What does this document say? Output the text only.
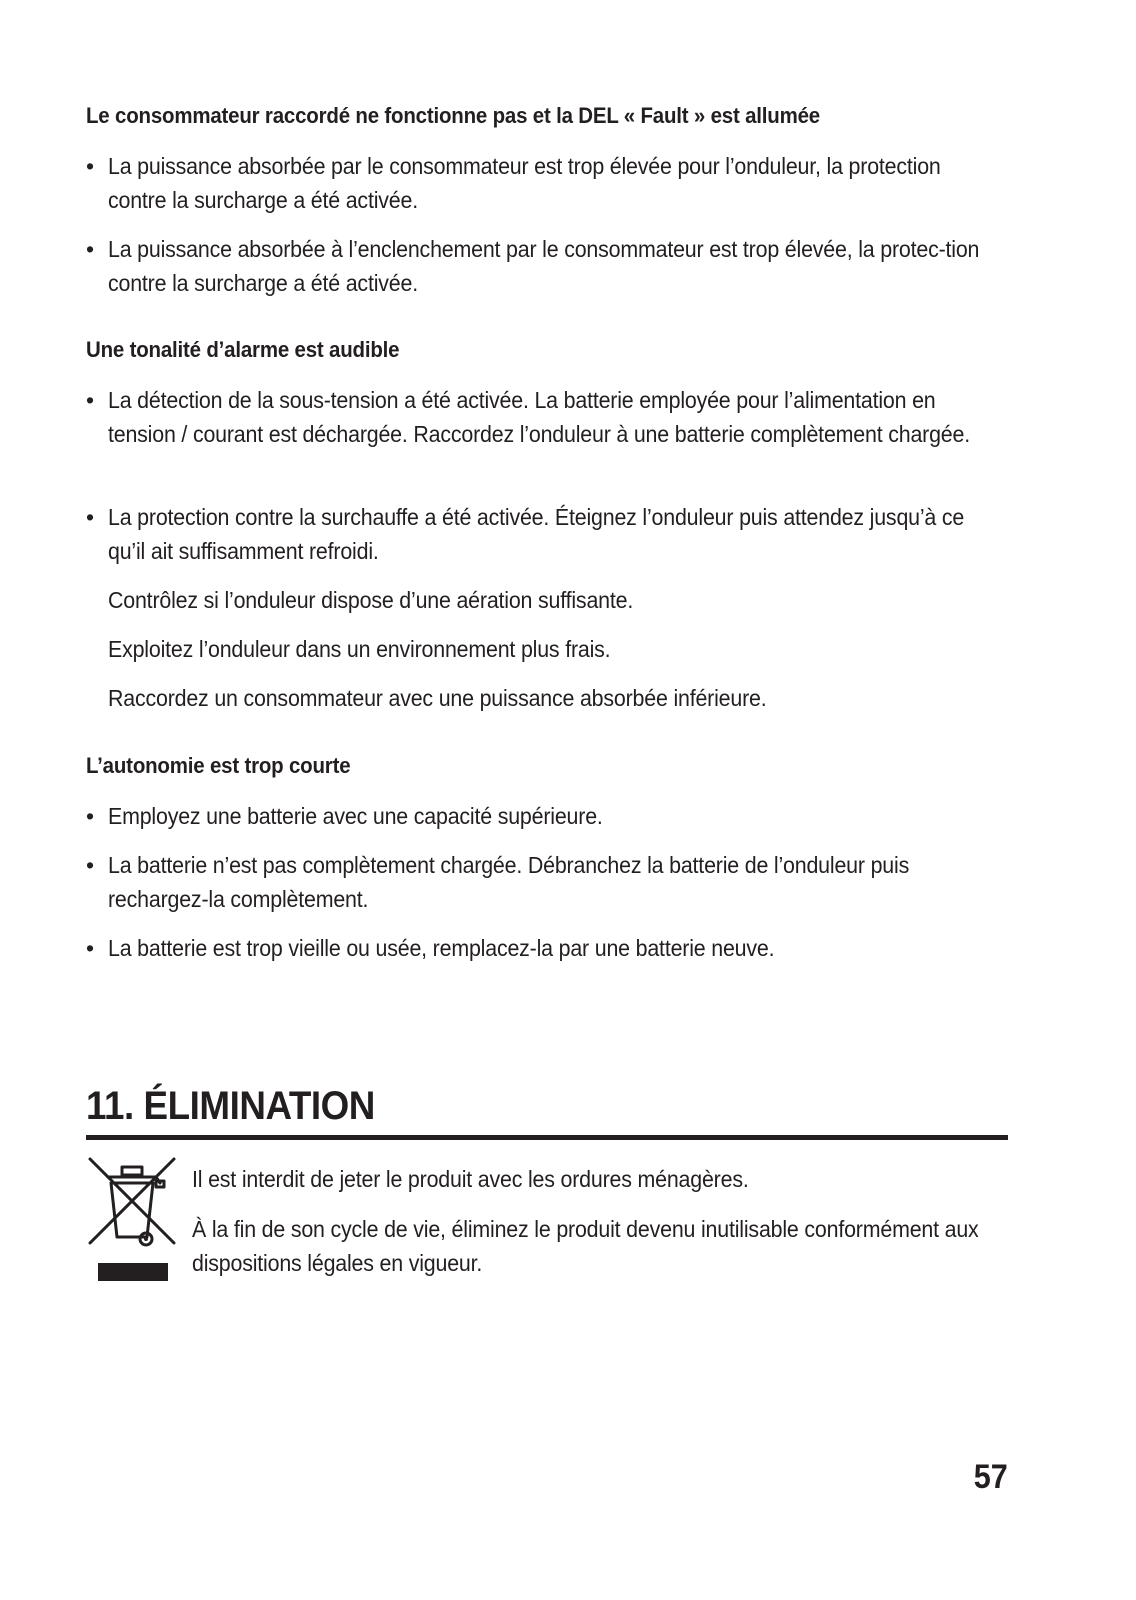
Le consommateur raccordé ne fonctionne pas et la DEL « Fault » est allumée

• La puissance absorbée par le consommateur est trop élevée pour l’onduleur, la protection contre la surcharge a été activée.

• La puissance absorbée à l’enclenchement par le consommateur est trop élevée, la protec-tion contre la surcharge a été activée.

Une tonalité d’alarme est audible

• La détection de la sous-tension a été activée. La batterie employée pour l’alimentation en tension / courant est déchargée. Raccordez l’onduleur à une batterie complètement chargée.

• La protection contre la surchauffe a été activée. Éteignez l’onduleur puis attendez jusqu’à ce qu’il ait suffisamment refroidi.

Contrôlez si l’onduleur dispose d’une aération suffisante.

Exploitez l’onduleur dans un environnement plus frais.

Raccordez un consommateur avec une puissance absorbée inférieure.

L’autonomie est trop courte

• Employez une batterie avec une capacité supérieure.

• La batterie n’est pas complètement chargée. Débranchez la batterie de l’onduleur puis rechargez-la complètement.

• La batterie est trop vieille ou usée, remplacez-la par une batterie neuve.

11. ÉLIMINATION

Il est interdit de jeter le produit avec les ordures ménagères.

À la fin de son cycle de vie, éliminez le produit devenu inutilisable conformément aux dispositions légales en vigueur.

57
